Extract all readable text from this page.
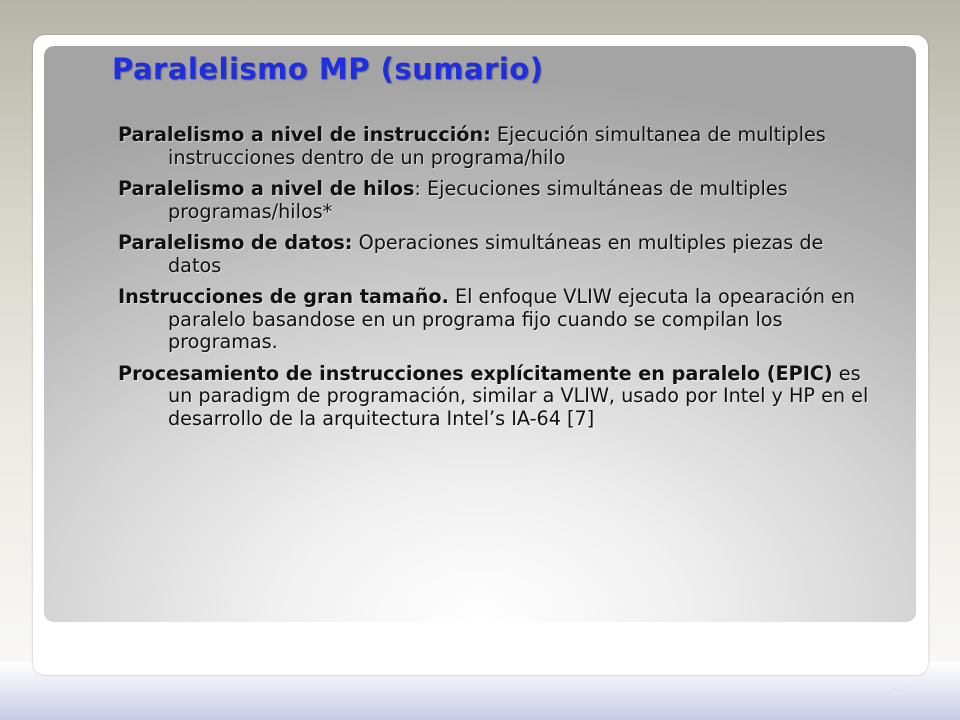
Paralelismo MP (sumario)
Paralelismo a nivel de instrucción: Ejecución simultanea de multiples instrucciones dentro de un programa/hilo
Paralelismo a nivel de hilos: Ejecuciones simultáneas de multiples programas/hilos*
Paralelismo de datos: Operaciones simultáneas en multiples piezas de datos
Instrucciones de gran tamaño. El enfoque VLIW ejecuta la opearación en paralelo basandose en un programa fijo cuando se compilan los programas.
Procesamiento de instrucciones explícitamente en paralelo (EPIC) es un paradigm de programación, similar a VLIW, usado por Intel y HP en el desarrollo de la arquitectura Intel’s IA-64 [7]
24
